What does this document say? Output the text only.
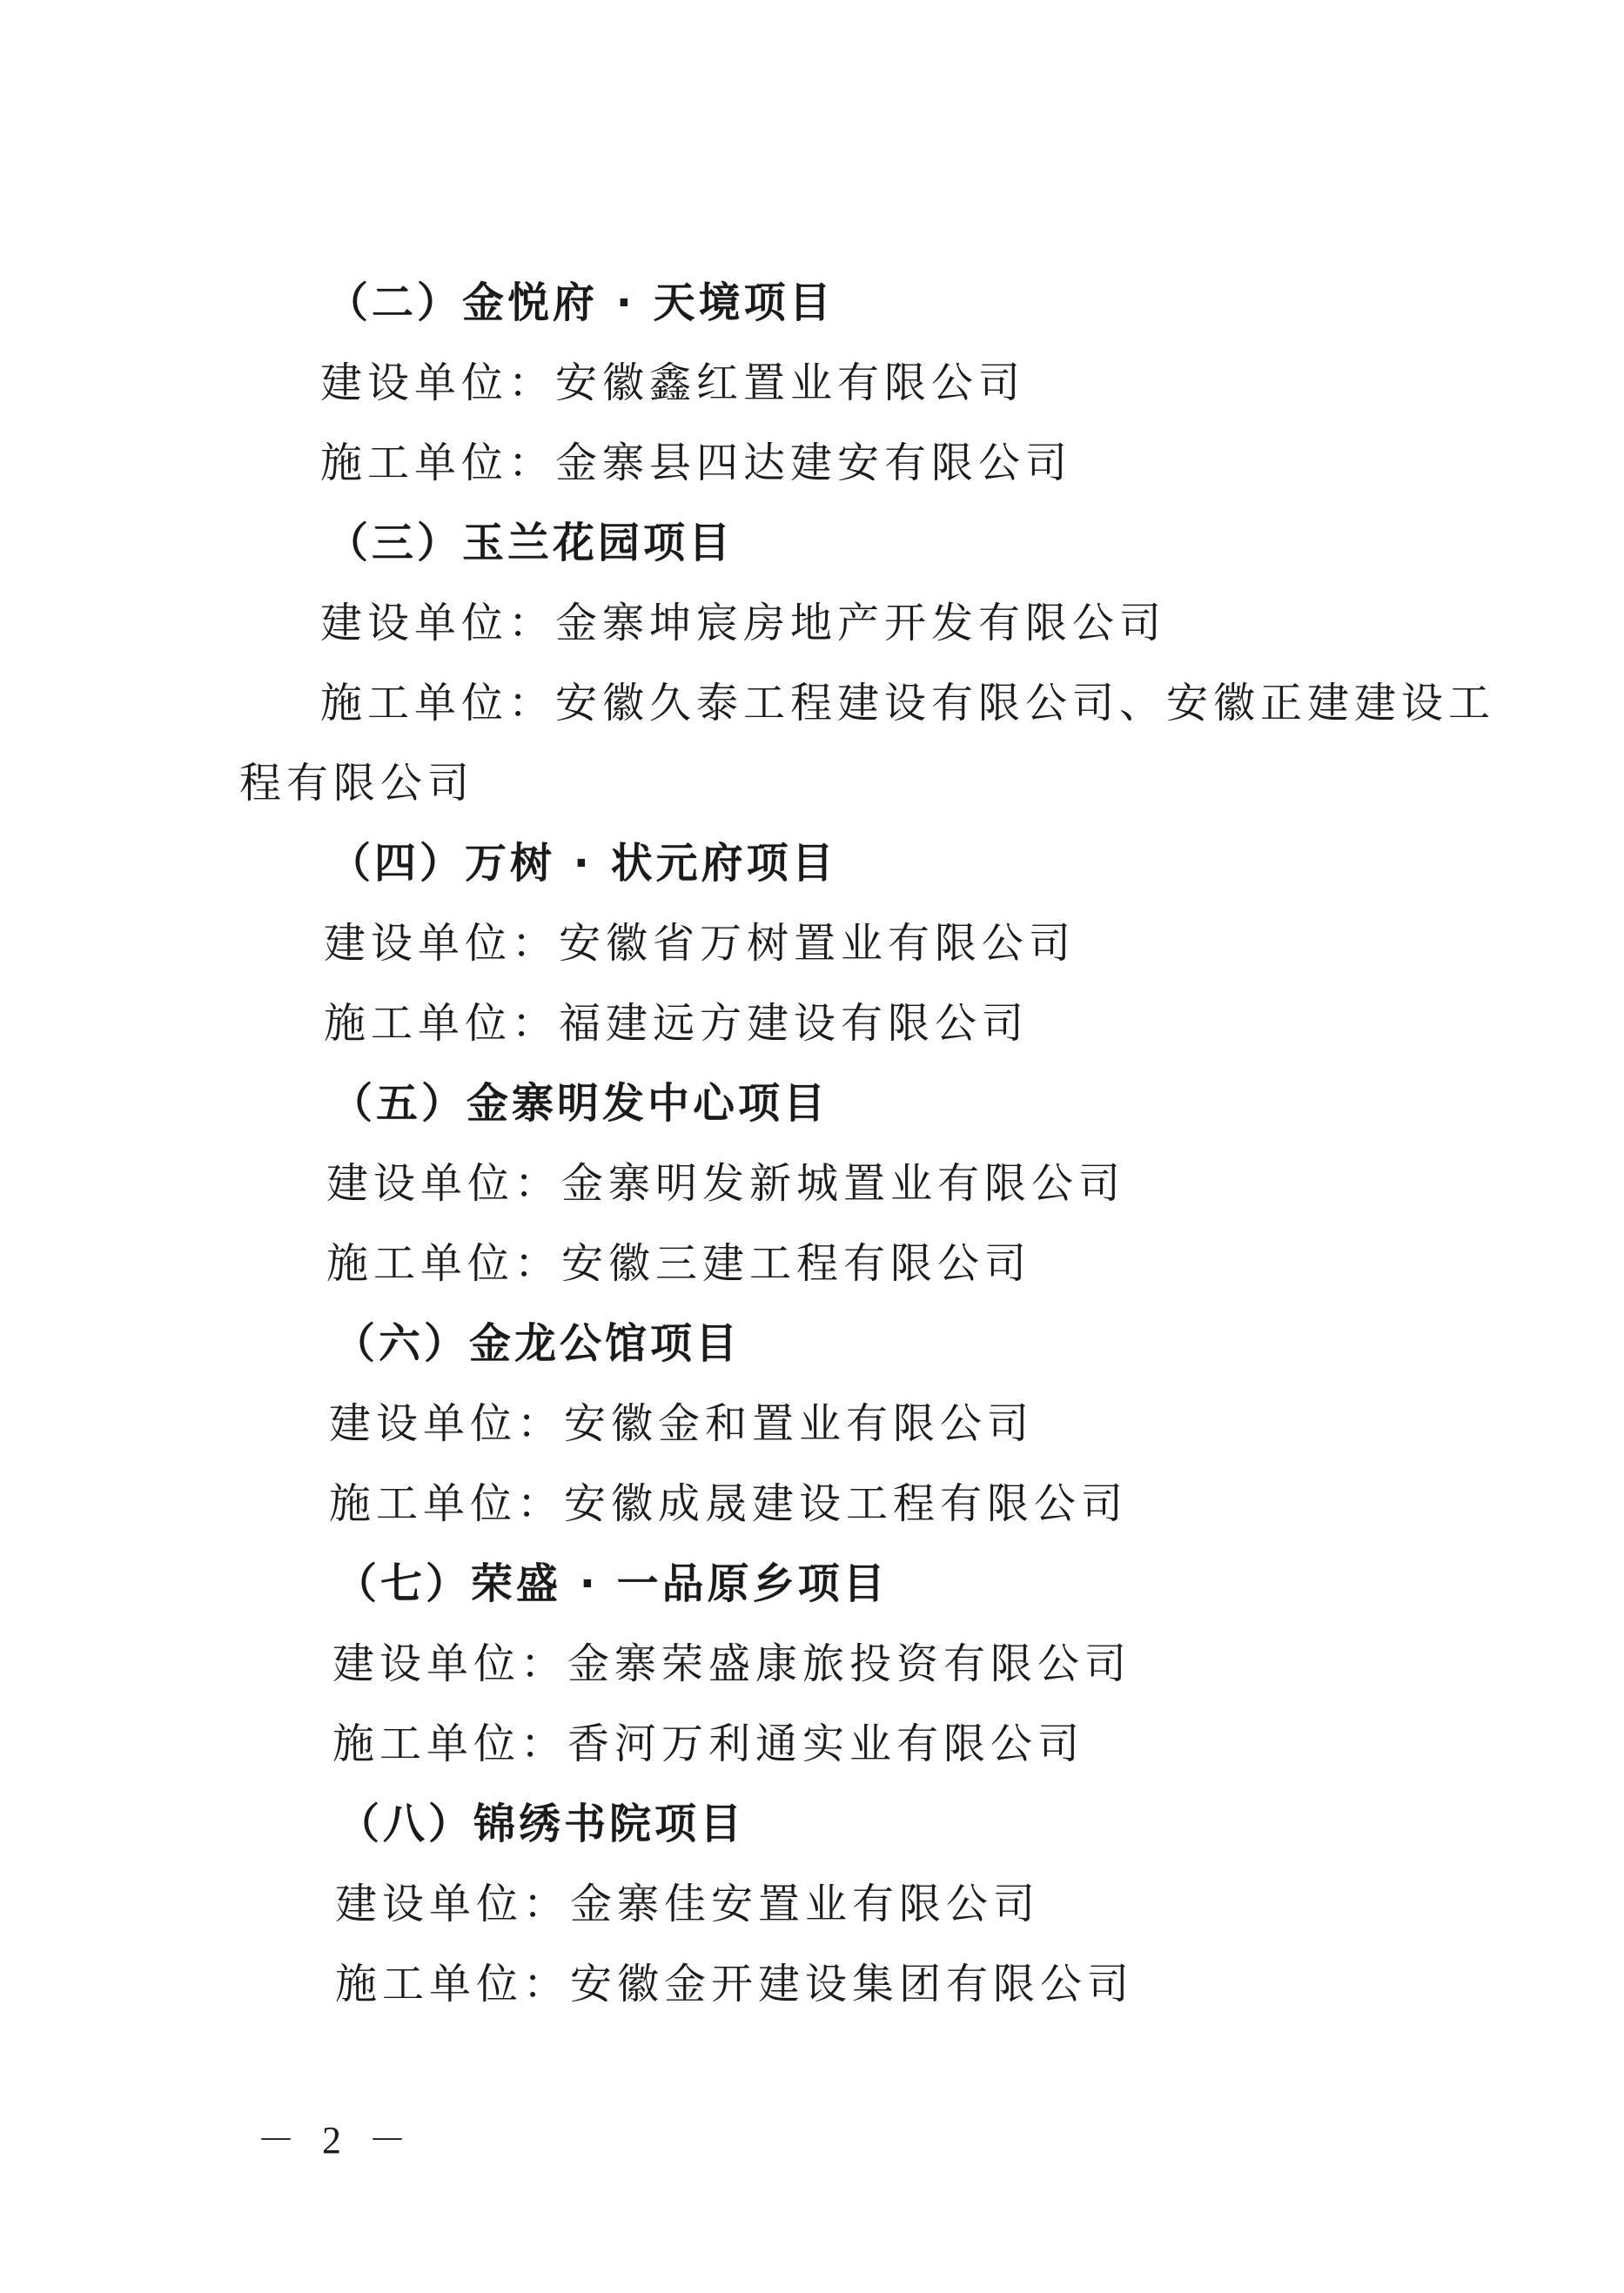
（二）金悦府 · 天境项目
建设单位：安徽鑫红置业有限公司
施工单位：金寨县四达建安有限公司
（三）玉兰花园项目
建设单位：金寨坤宸房地产开发有限公司
施工单位：安徽久泰工程建设有限公司、安徽正建建设工
程有限公司
（四）万树 · 状元府项目
建设单位：安徽省万树置业有限公司
施工单位：福建远方建设有限公司
（五）金寨明发中心项目
建设单位：金寨明发新城置业有限公司
施工单位：安徽三建工程有限公司
（六）金龙公馆项目
建设单位：安徽金和置业有限公司
施工单位：安徽成晟建设工程有限公司
（七）荣盛 · 一品原乡项目
建设单位：金寨荣盛康旅投资有限公司
施工单位：香河万利通实业有限公司
（八）锦绣书院项目
建设单位：金寨佳安置业有限公司
施工单位：安徽金开建设集团有限公司
－ 2 －
